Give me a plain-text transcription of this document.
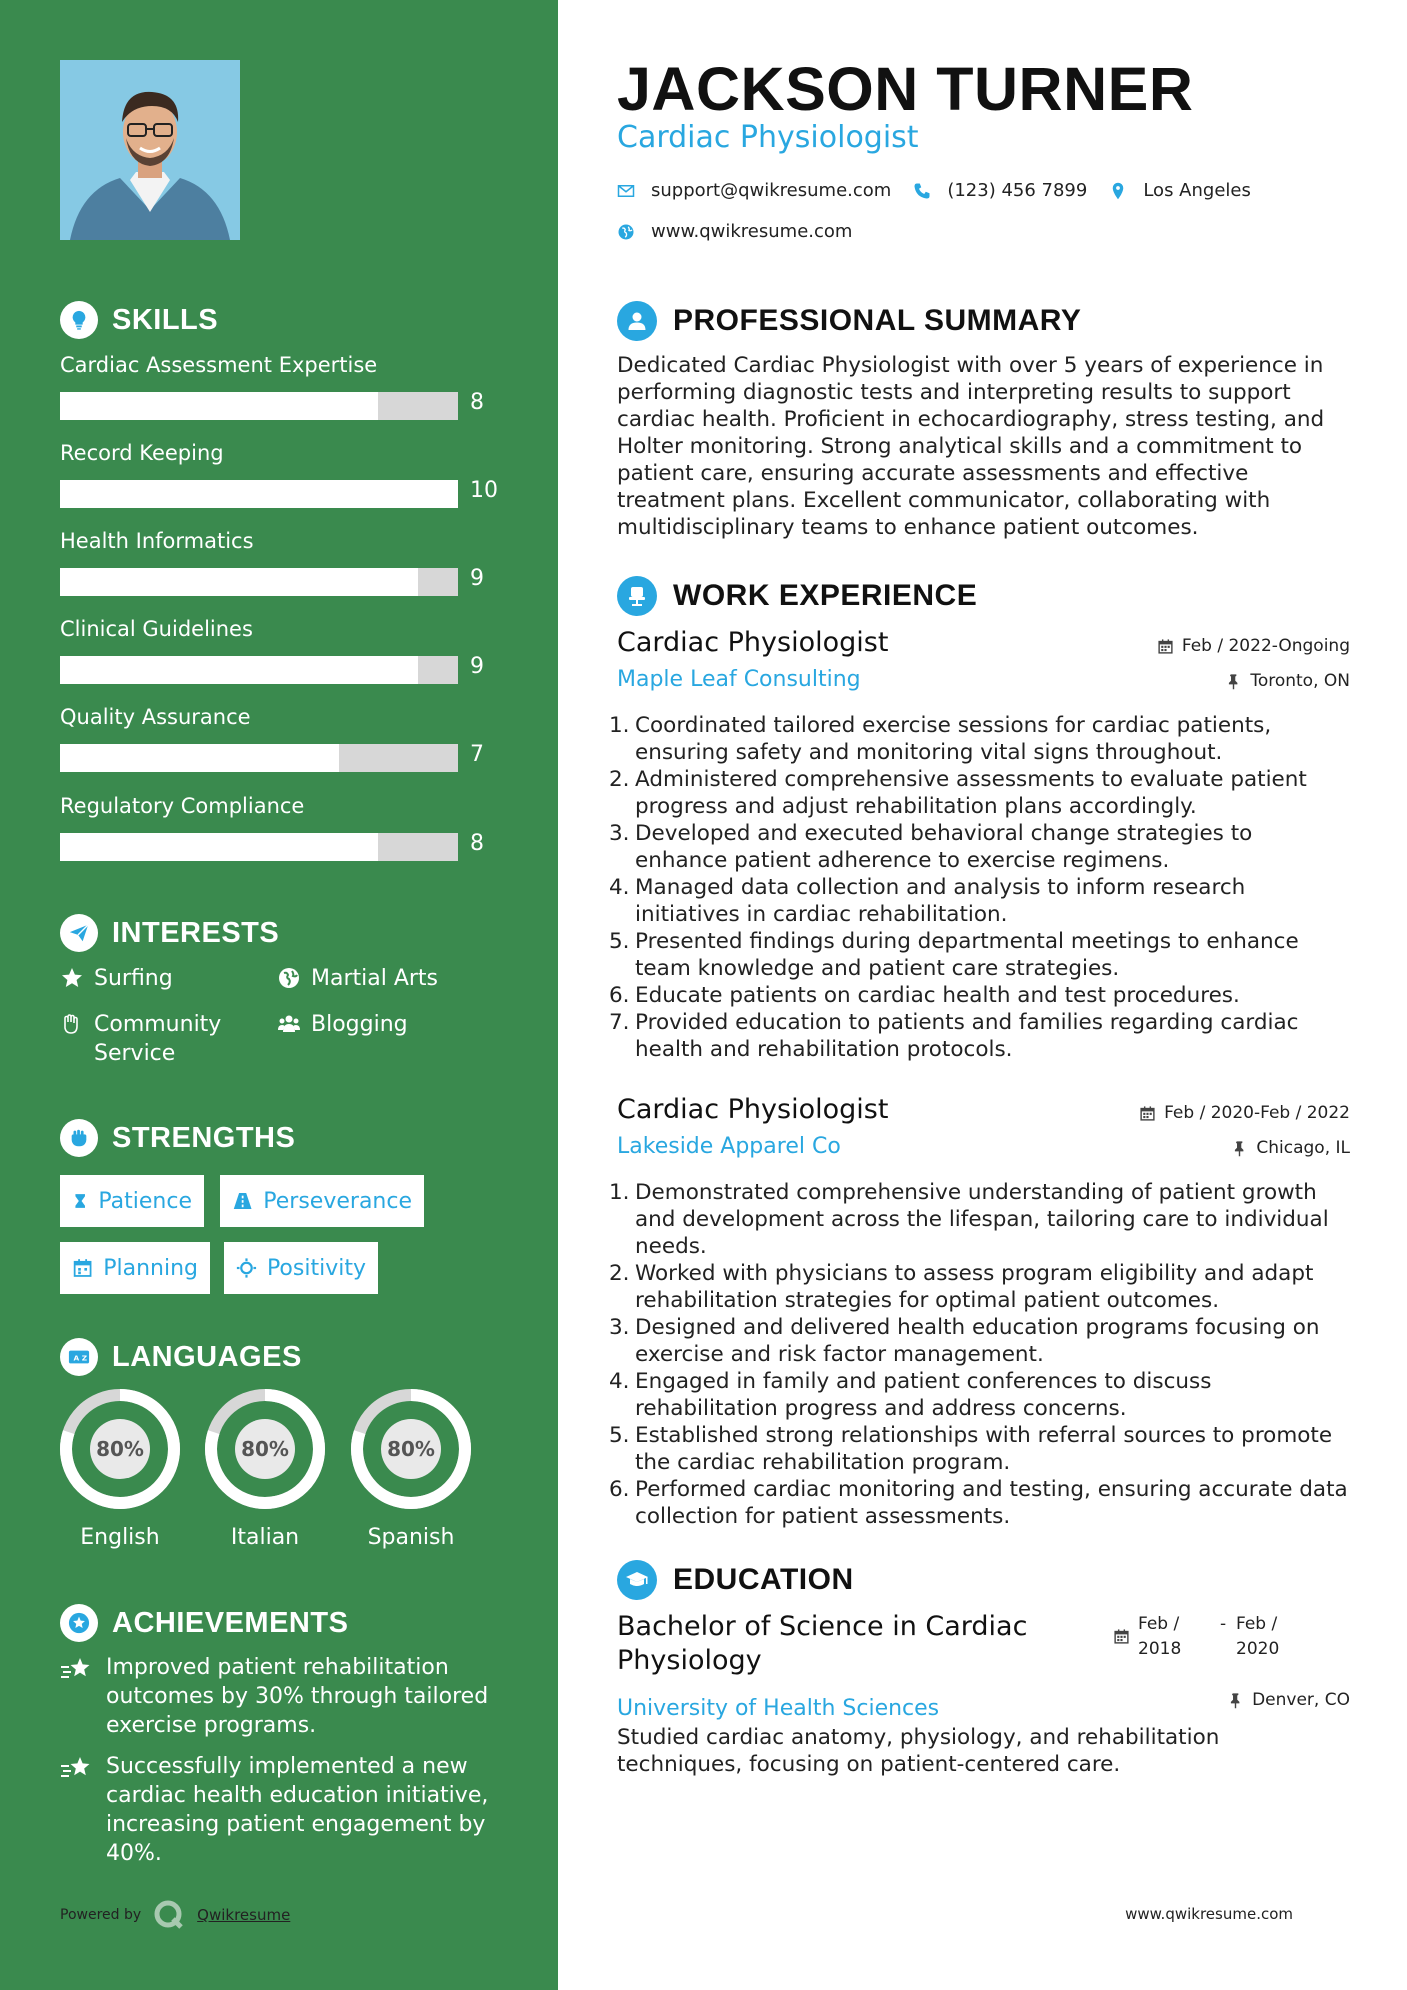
SKILLS
Cardiac Assessment Expertise
8
Record Keeping
10
Health Informatics
9
Clinical Guidelines
9
Quality Assurance
7
Regulatory Compliance
8
INTERESTS
Surfing	Martial Arts
Community Service
Blogging
STRENGTHS
Patience	Perseverance
Planning	Positivity
A Z LANGUAGES
80%
English
80%
Italian
80%
Spanish
ACHIEVEMENTS
Improved patient rehabilitation outcomes by 30% through tailored exercise programs.
Successfully implemented a new cardiac health education initiative, increasing patient engagement by 40%.
Powered by	Qwikresume
JACKSON TURNER
Cardiac Physiologist
support@qwikresume.com	(123) 456 7899	Los Angeles
www.qwikresume.com
PROFESSIONAL SUMMARY
Dedicated Cardiac Physiologist with over 5 years of experience in performing diagnostic tests and interpreting results to support cardiac health. Proficient in echocardiography, stress testing, and Holter monitoring. Strong analytical skills and a commitment to patient care, ensuring accurate assessments and effective treatment plans. Excellent communicator, collaborating with multidisciplinary teams to enhance patient outcomes.
WORK EXPERIENCE
Cardiac Physiologist	Feb / 2022-Ongoing
Maple Leaf Consulting	Toronto, ON
1. Coordinated tailored exercise sessions for cardiac patients, ensuring safety and monitoring vital signs throughout.
2. Administered comprehensive assessments to evaluate patient progress and adjust rehabilitation plans accordingly.
3. Developed and executed behavioral change strategies to enhance patient adherence to exercise regimens.
4. Managed data collection and analysis to inform research initiatives in cardiac rehabilitation.
5. Presented findings during departmental meetings to enhance team knowledge and patient care strategies.
6. Educate patients on cardiac health and test procedures.
7. Provided education to patients and families regarding cardiac health and rehabilitation protocols.
Cardiac Physiologist	Feb / 2020-Feb / 2022
Lakeside Apparel Co	Chicago, IL
1. Demonstrated comprehensive understanding of patient growth and development across the lifespan, tailoring care to individual needs.
2. Worked with physicians to assess program eligibility and adapt rehabilitation strategies for optimal patient outcomes.
3. Designed and delivered health education programs focusing on exercise and risk factor management.
4. Engaged in family and patient conferences to discuss rehabilitation progress and address concerns.
5. Established strong relationships with referral sources to promote the cardiac rehabilitation program.
6. Performed cardiac monitoring and testing, ensuring accurate data collection for patient assessments.
EDUCATION
Bachelor of Science in Cardiac Physiology
Feb / 2018
- Feb / 2020
University of Health Sciences	Denver, CO
Studied cardiac anatomy, physiology, and rehabilitation techniques, focusing on patient-centered care.
www.qwikresume.com
